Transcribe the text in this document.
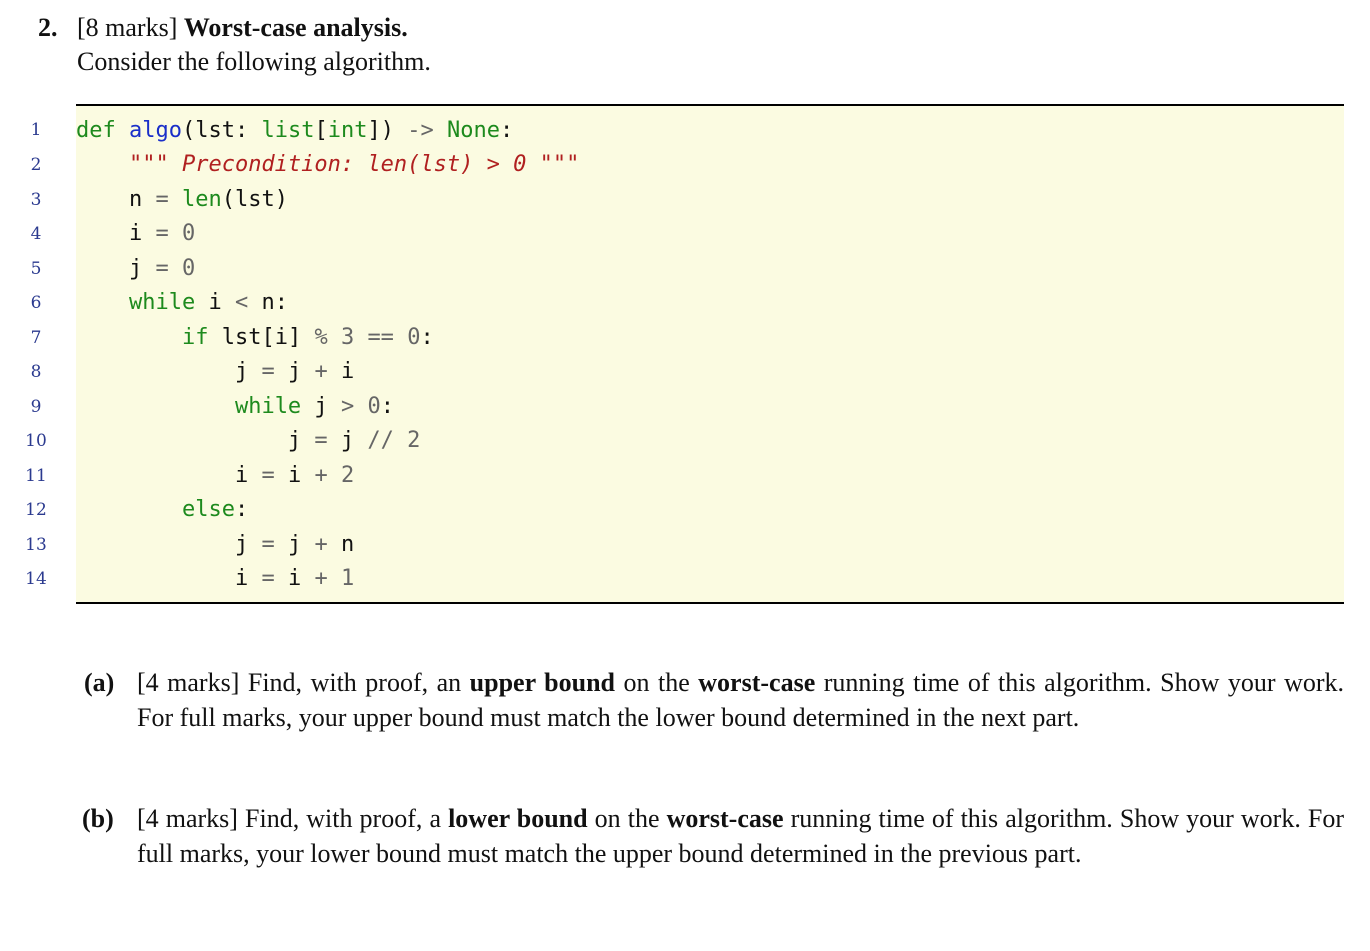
2. [8 marks] Worst-case analysis.
Consider the following algorithm.
1
2
3
4
5
6
7
8
9
10
11
12
13
14
def algo(lst: list[int]) -> None:
""" Precondition: len(lst) > 0 """
n = len(lst)
i = 0
j = 0
while i < n:
if lst[i] % 3 == 0:
j = j + i
while j > 0:
j = j // 2
i = i + 2
else:
j = j + n
i = i + 1
(a) [4 marks] Find, with proof, an upper bound on the worst-case running time of this algorithm. Show your work. For full marks, your upper bound must match the lower bound determined in the next part.
(b) [4 marks] Find, with proof, a lower bound on the worst-case running time of this algorithm. Show your work. For full marks, your lower bound must match the upper bound determined in the previous part.
